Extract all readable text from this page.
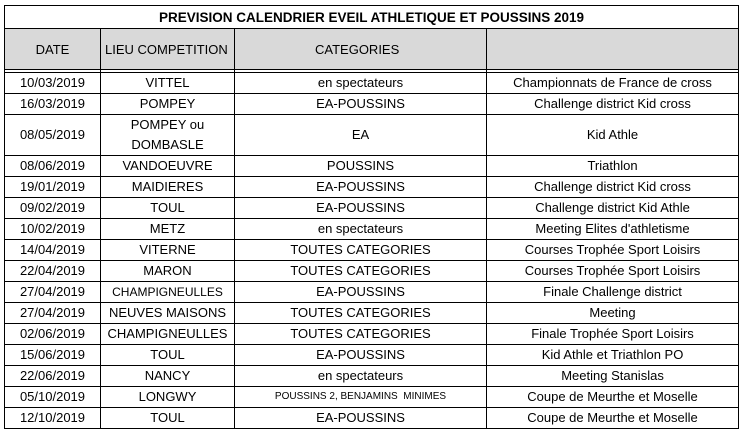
PREVISION CALENDRIER EVEIL ATHLETIQUE ET POUSSINS 2019			
DATE	LIEU COMPETITION	CATEGORIES	

10/03/2019	VITTEL	en spectateurs	Championnats de France de cross
16/03/2019	POMPEY	EA-POUSSINS	Challenge district Kid cross
08/05/2019	POMPEY ou DOMBASLE	EA	Kid Athle
08/06/2019	VANDOEUVRE	POUSSINS	Triathlon
19/01/2019	MAIDIERES	EA-POUSSINS	Challenge district Kid cross
09/02/2019	TOUL	EA-POUSSINS	Challenge district Kid Athle
10/02/2019	METZ	en spectateurs	Meeting Elites d'athletisme
14/04/2019	VITERNE	TOUTES CATEGORIES	Courses Trophée Sport Loisirs
22/04/2019	MARON	TOUTES CATEGORIES	Courses Trophée Sport Loisirs
27/04/2019	CHAMPIGNEULLES	EA-POUSSINS	Finale Challenge district
27/04/2019	NEUVES MAISONS	TOUTES CATEGORIES	Meeting
02/06/2019	CHAMPIGNEULLES	TOUTES CATEGORIES	Finale Trophée Sport Loisirs
15/06/2019	TOUL	EA-POUSSINS	Kid Athle et Triathlon PO
22/06/2019	NANCY	en spectateurs	Meeting Stanislas
05/10/2019	LONGWY	POUSSINS 2, BENJAMINS  MINIMES	Coupe de Meurthe et Moselle
12/10/2019	TOUL	EA-POUSSINS	Coupe de Meurthe et Moselle
